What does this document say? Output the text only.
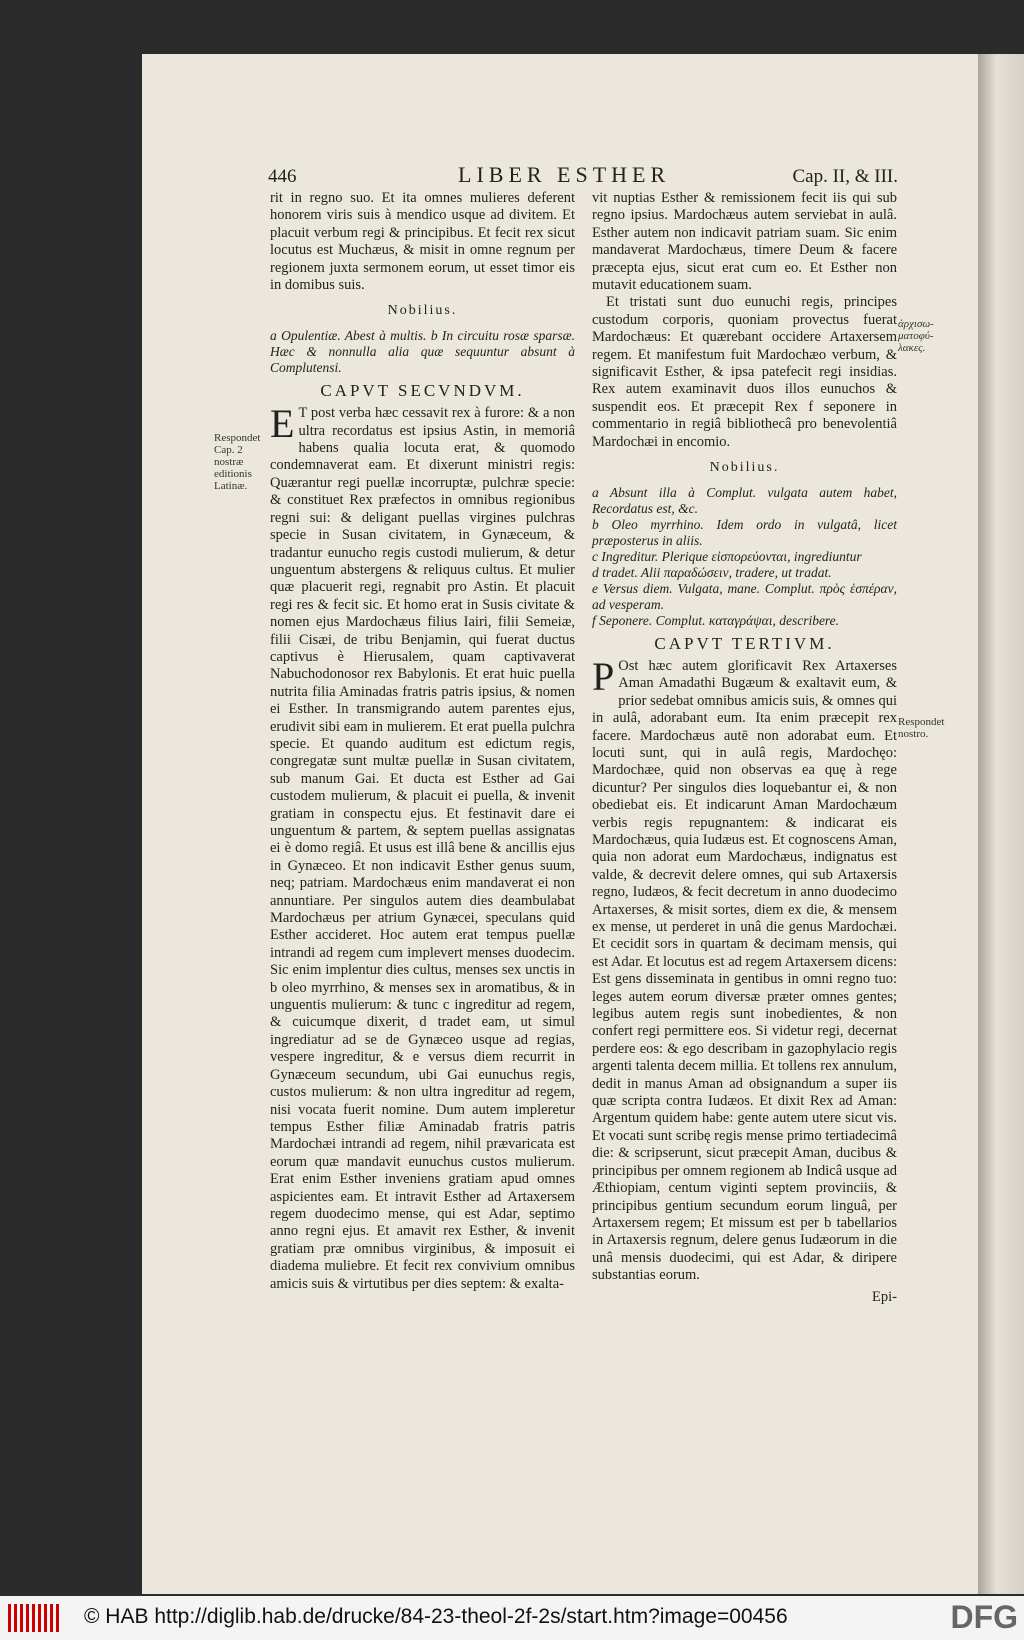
446	LIBER ESTHER	Cap. II, & III.
Respondet Cap. 2 nostræ editionis Latinæ.
ἀρχισω- ματοφύ- λακες.
Respondet nostro.

rit in regno suo. Et ita omnes mulieres deferent honorem viris suis à mendico usque ad divitem. Et placuit verbum regi & principibus. Et fecit rex sicut locutus est Muchæus, & misit in omne regnum per regionem juxta sermonem eorum, ut esset timor eis in domibus suis.

Nobilius.

a Opulentiæ. Abest à multis. b In circuitu rosæ sparsæ. Hæc & nonnulla alia quæ sequuntur absunt à Complutensi.

CAPVT SECVNDVM.

E T post verba hæc cessavit rex à furore: & a non ultra recordatus est ipsius Astin, in memoriâ habens qualia locuta erat, & quomodo condemnaverat eam. Et dixerunt ministri regis: Quærantur regi puellæ incorruptæ, pulchræ specie: & constituet Rex præfectos in omnibus regionibus regni sui: & deligant puellas virgines pulchras specie in Susan civitatem, in Gynæceum, & tradantur eunucho regis custodi mulierum, & detur unguentum abstergens & reliquus cultus. Et mulier quæ placuerit regi, regnabit pro Astin. Et placuit regi res & fecit sic. Et homo erat in Susis civitate & nomen ejus Mardochæus filius Iairi, filii Semeiæ, filii Cisæi, de tribu Benjamin, qui fuerat ductus captivus è Hierusalem, quam captivaverat Nabuchodonosor rex Babylonis. Et erat huic puella nutrita filia Aminadas fratris patris ipsius, & nomen ei Esther. In transmigrando autem parentes ejus, erudivit sibi eam in mulierem. Et erat puella pulchra specie. Et quando auditum est edictum regis, congregatæ sunt multæ puellæ in Susan civitatem, sub manum Gai. Et ducta est Esther ad Gai custodem mulierum, & placuit ei puella, & invenit gratiam in conspectu ejus. Et festinavit dare ei unguentum & partem, & septem puellas assignatas ei è domo regiâ. Et usus est illâ bene & ancillis ejus in Gynæceo. Et non indicavit Esther genus suum, neq; patriam. Mardochæus enim mandaverat ei non annuntiare. Per singulos autem dies deambulabat Mardochæus per atrium Gynæcei, speculans quid Esther accideret. Hoc autem erat tempus puellæ intrandi ad regem cum implevert menses duodecim. Sic enim implentur dies cultus, menses sex unctis in b oleo myrrhino, & menses sex in aromatibus, & in unguentis mulierum: & tunc c ingreditur ad regem, & cuicumque dixerit, d tradet eam, ut simul ingrediatur ad se de Gynæceo usque ad regias, vespere ingreditur, & e versus diem recurrit in Gynæceum secundum, ubi Gai eunuchus regis, custos mulierum: & non ultra ingreditur ad regem, nisi vocata fuerit nomine. Dum autem impleretur tempus Esther filiæ Aminadab fratris patris Mardochæi intrandi ad regem, nihil prævaricata est eorum quæ mandavit eunuchus custos mulierum. Erat enim Esther inveniens gratiam apud omnes aspicientes eam. Et intravit Esther ad Artaxersem regem duodecimo mense, qui est Adar, septimo anno regni ejus. Et amavit rex Esther, & invenit gratiam præ omnibus virginibus, & imposuit ei diadema muliebre. Et fecit rex convivium omnibus amicis suis & virtutibus per dies septem: & exalta-

vit nuptias Esther & remissionem fecit iis qui sub regno ipsius. Mardochæus autem serviebat in aulâ. Esther autem non indicavit patriam suam. Sic enim mandaverat Mardochæus, timere Deum & facere præcepta ejus, sicut erat cum eo. Et Esther non mutavit educationem suam.

Et tristati sunt duo eunuchi regis, principes custodum corporis, quoniam provectus fuerat Mardochæus: Et quærebant occidere Artaxersem regem. Et manifestum fuit Mardochæo verbum, & significavit Esther, & ipsa patefecit regi insidias. Rex autem examinavit duos illos eunuchos & suspendit eos. Et præcepit Rex f seponere in commentario in regiâ bibliothecâ pro benevolentiâ Mardochæi in encomio.

Nobilius.

a Absunt illa à Complut. vulgata autem habet, Recordatus est, &c.

b Oleo myrrhino. Idem ordo in vulgatâ, licet præposterus in aliis.

c Ingreditur. Plerique εἰσπορεύονται, ingrediuntur

d tradet. Alii παραδώσειν, tradere, ut tradat.

e Versus diem. Vulgata, mane. Complut. πρὸς ἑσπέραν, ad vesperam.

f Seponere. Complut. καταγράψαι, describere.

CAPVT TERTIVM.

P Ost hæc autem glorificavit Rex Artaxerses Aman Amadathi Bugæum & exaltavit eum, & prior sedebat omnibus amicis suis, & omnes qui in aulâ, adorabant eum. Ita enim præcepit rex facere. Mardochæus autē non adorabat eum. Et locuti sunt, qui in aulâ regis, Mardochęo: Mardochæe, quid non observas ea quę à rege dicuntur? Per singulos dies loquebantur ei, & non obediebat eis. Et indicarunt Aman Mardochæum verbis regis repugnantem: & indicarat eis Mardochæus, quia Iudæus est. Et cognoscens Aman, quia non adorat eum Mardochæus, indignatus est valde, & decrevit delere omnes, qui sub Artaxersis regno, Iudæos, & fecit decretum in anno duodecimo Artaxerses, & misit sortes, diem ex die, & mensem ex mense, ut perderet in unâ die genus Mardochæi. Et cecidit sors in quartam & decimam mensis, qui est Adar. Et locutus est ad regem Artaxersem dicens: Est gens disseminata in gentibus in omni regno tuo: leges autem eorum diversæ præter omnes gentes; legibus autem regis sunt inobedientes, & non confert regi permittere eos. Si videtur regi, decernat perdere eos: & ego describam in gazophylacio regis argenti talenta decem millia. Et tollens rex annulum, dedit in manus Aman ad obsignandum a super iis quæ scripta contra Iudæos. Et dixit Rex ad Aman: Argentum quidem habe: gente autem utere sicut vis. Et vocati sunt scribę regis mense primo tertiadecimâ die: & scripserunt, sicut præcepit Aman, ducibus & principibus per omnem regionem ab Indicâ usque ad Æthiopiam, centum viginti septem provinciis, & principibus gentium secundum eorum linguâ, per Artaxersem regem; Et missum est per b tabellarios in Artaxersis regnum, delere genus Iudæorum in die unâ mensis duodecimi, qui est Adar, & diripere substantias eorum.

Epi-

© HAB http://diglib.hab.de/drucke/84-23-theol-2f-2s/start.htm?image=00456	DFG
